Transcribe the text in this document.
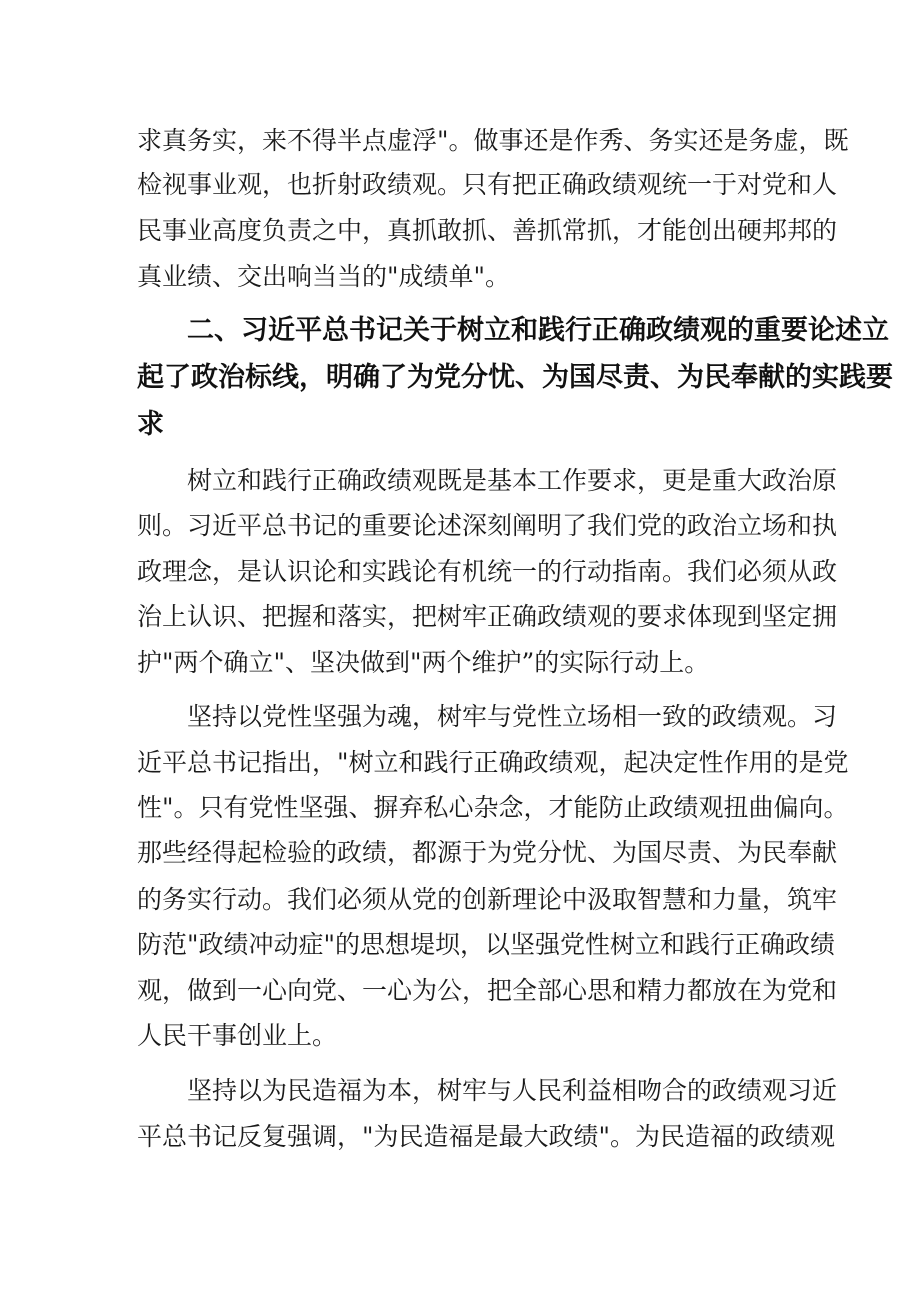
求真务实，来不得半点虚浮"。做事还是作秀、务实还是务虚，既
检视事业观，也折射政绩观。只有把正确政绩观统一于对党和人
民事业高度负责之中，真抓敢抓、善抓常抓，才能创出硬邦邦的
真业绩、交出响当当的"成绩单"。
二、习近平总书记关于树立和践行正确政绩观的重要论述立
起了政治标线，明确了为党分忧、为国尽责、为民奉献的实践要
求
树立和践行正确政绩观既是基本工作要求，更是重大政治原
则。习近平总书记的重要论述深刻阐明了我们党的政治立场和执
政理念，是认识论和实践论有机统一的行动指南。我们必须从政
治上认识、把握和落实，把树牢正确政绩观的要求体现到坚定拥
护"两个确立"、坚决做到"两个维护”的实际行动上。
坚持以党性坚强为魂，树牢与党性立场相一致的政绩观。习
近平总书记指出，"树立和践行正确政绩观，起决定性作用的是党
性"。只有党性坚强、摒弃私心杂念，才能防止政绩观扭曲偏向。
那些经得起检验的政绩，都源于为党分忧、为国尽责、为民奉献
的务实行动。我们必须从党的创新理论中汲取智慧和力量，筑牢
防范"政绩冲动症"的思想堤坝，以坚强党性树立和践行正确政绩
观，做到一心向党、一心为公，把全部心思和精力都放在为党和
人民干事创业上。
坚持以为民造福为本，树牢与人民利益相吻合的政绩观习近
平总书记反复强调，"为民造福是最大政绩"。为民造福的政绩观
